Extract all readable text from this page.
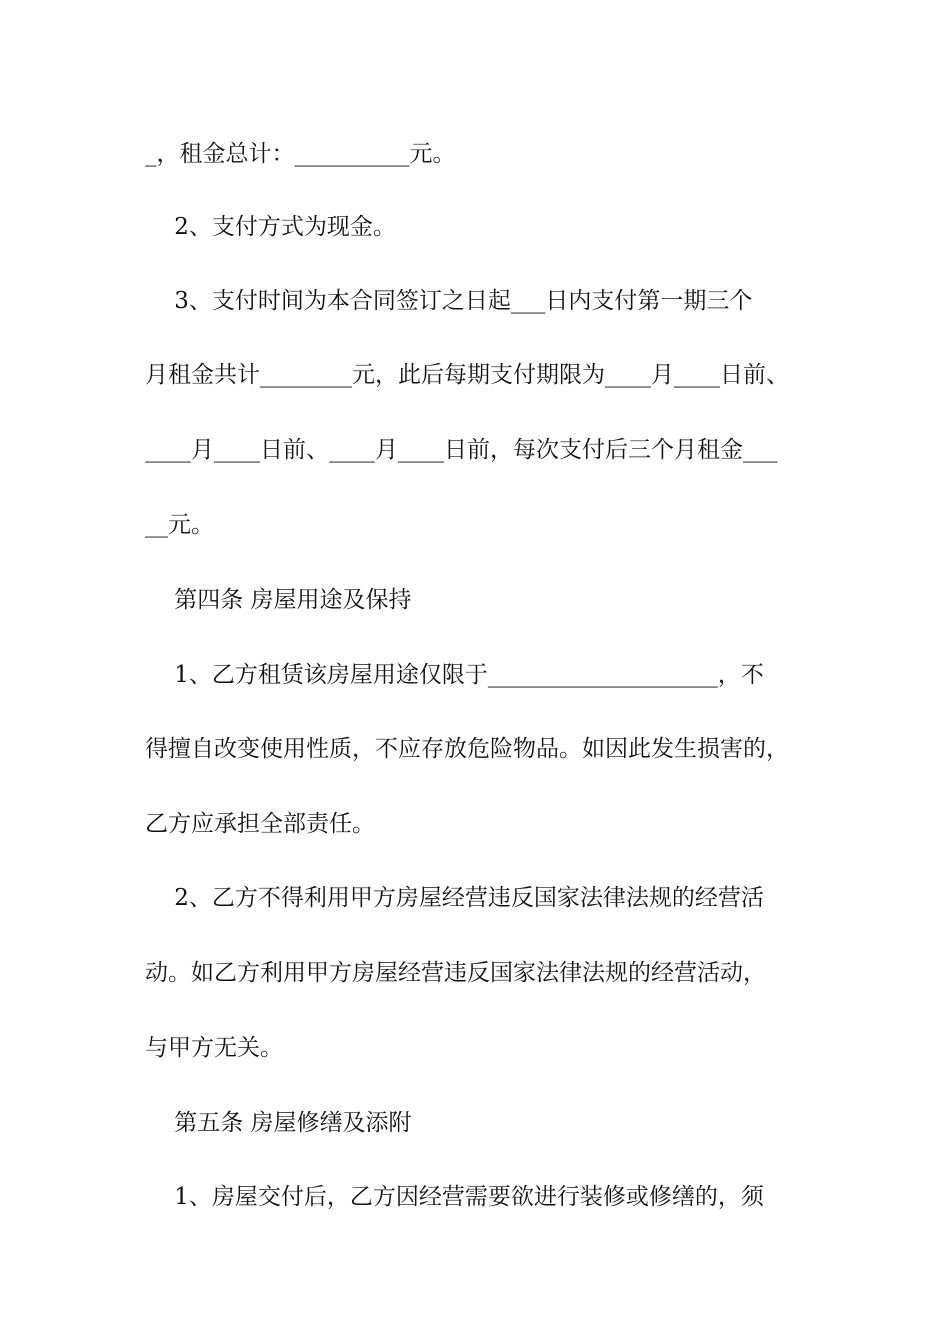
_，租金总计：__________元。
2、支付方式为现金。
3、支付时间为本合同签订之日起___日内支付第一期三个
月租金共计________元，此后每期支付期限为____月____日前、
____月____日前、____月____日前，每次支付后三个月租金___
__元。
第四条 房屋用途及保持
1、乙方租赁该房屋用途仅限于____________________，不
得擅自改变使用性质，不应存放危险物品。如因此发生损害的，
乙方应承担全部责任。
2、乙方不得利用甲方房屋经营违反国家法律法规的经营活
动。如乙方利用甲方房屋经营违反国家法律法规的经营活动，
与甲方无关。
第五条 房屋修缮及添附
1、房屋交付后，乙方因经营需要欲进行装修或修缮的，须
